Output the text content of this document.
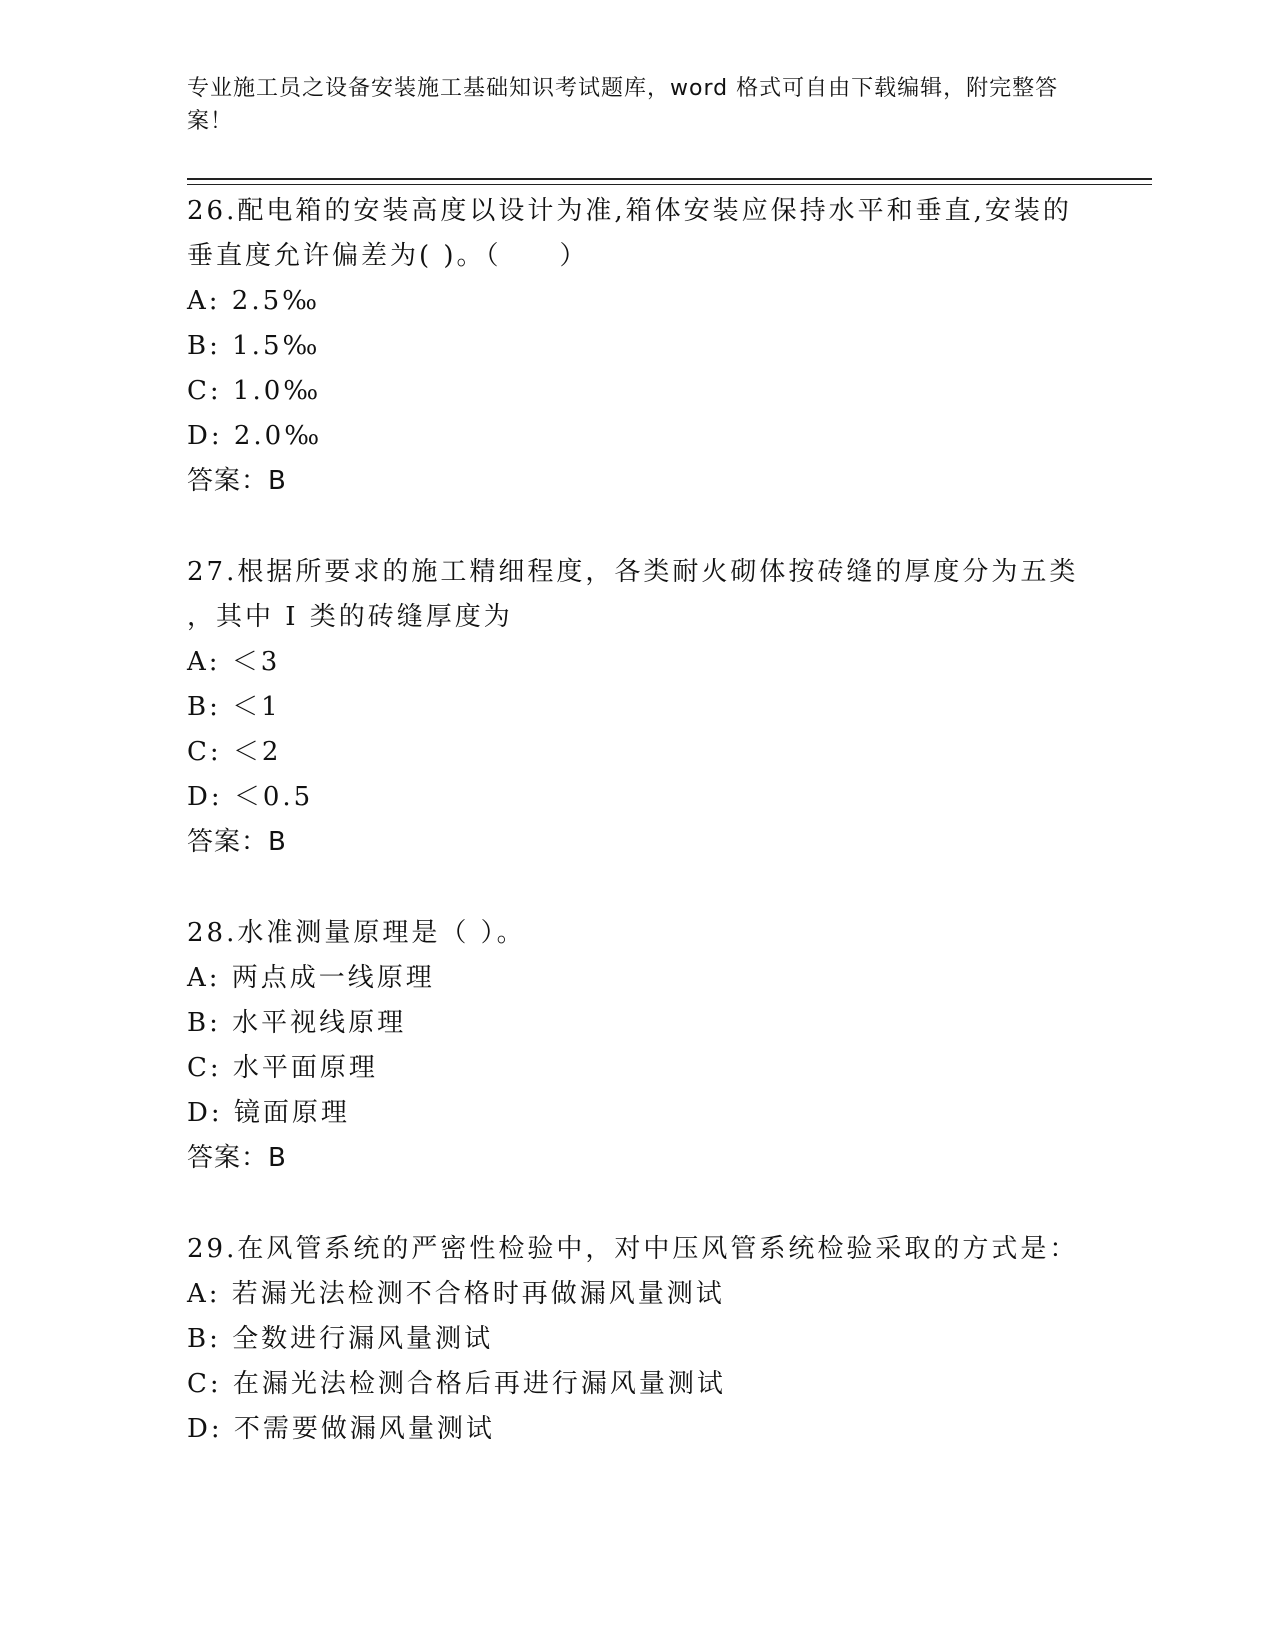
专业施工员之设备安装施工基础知识考试题库，word 格式可自由下载编辑，附完整答案！

26.配电箱的安装高度以设计为准,箱体安装应保持水平和垂直,安装的

垂直度允许偏差为( )。（　　）

A: 2.5‰

B: 1.5‰

C: 1.0‰

D: 2.0‰

答案：B

27.根据所要求的施工精细程度，各类耐火砌体按砖缝的厚度分为五类

，其中 I 类的砖缝厚度为

A: ＜3

B: ＜1

C: ＜2

D: ＜0.5

答案：B

28.水准测量原理是（ ）。

A: 两点成一线原理

B: 水平视线原理

C: 水平面原理

D: 镜面原理

答案：B

29.在风管系统的严密性检验中，对中压风管系统检验采取的方式是：

A: 若漏光法检测不合格时再做漏风量测试

B: 全数进行漏风量测试

C: 在漏光法检测合格后再进行漏风量测试

D: 不需要做漏风量测试
